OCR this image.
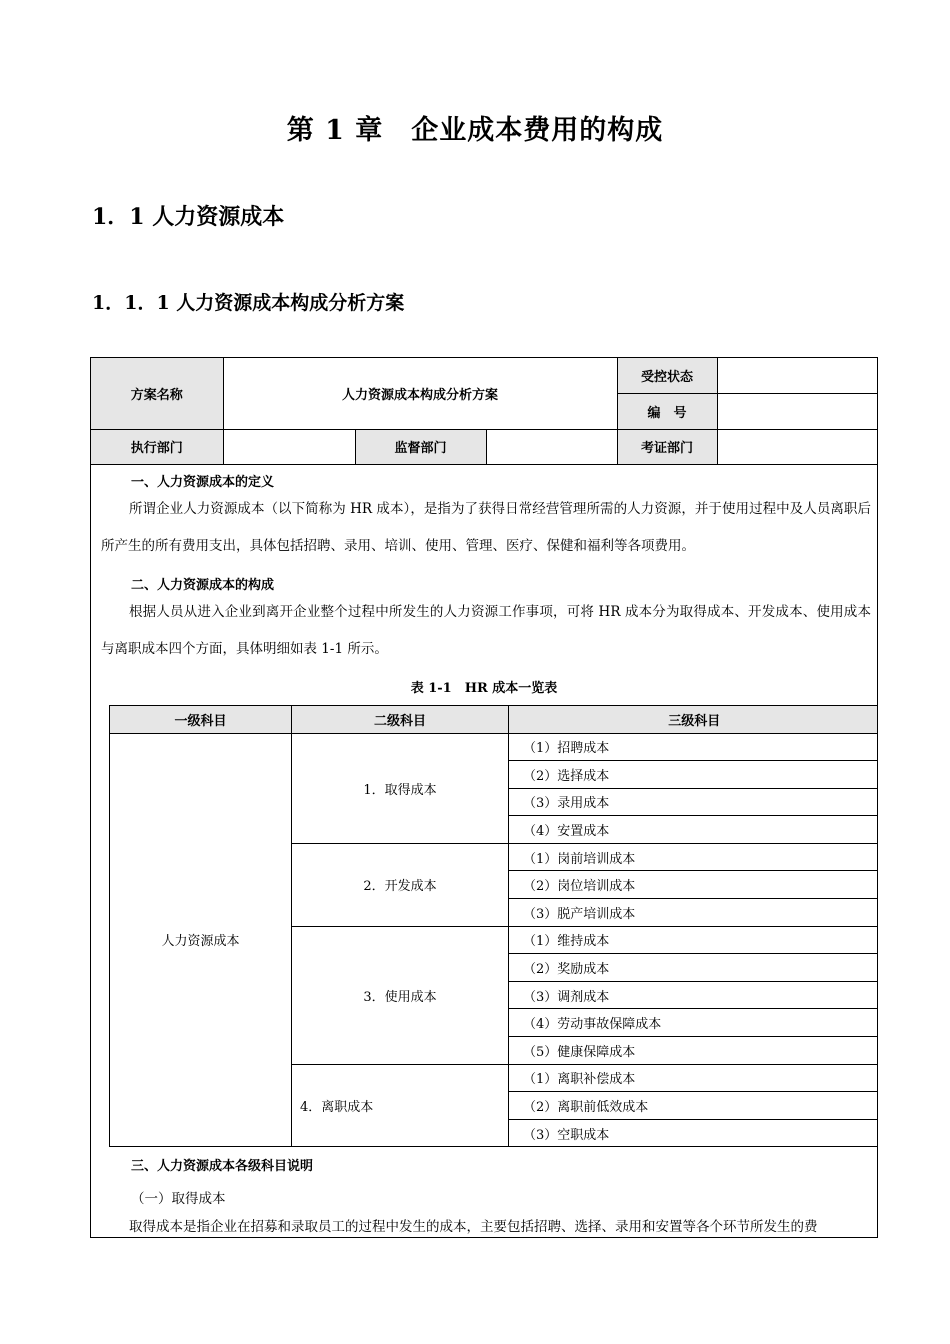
第 1 章　企业成本费用的构成
1．1 人力资源成本
1．1．1 人力资源成本构成分析方案
方案名称	人力资源成本构成分析方案			受控状态	
				编　号	
执行部门		监督部门		考证部门	
一、人力资源成本的定义
所谓企业人力资源成本（以下简称为 HR 成本），是指为了获得日常经营管理所需的人力资源，并于使用过程中及人员离职后所产生的所有费用支出，具体包括招聘、录用、培训、使用、管理、医疗、保健和福利等各项费用。
二、人力资源成本的构成
根据人员从进入企业到离开企业整个过程中所发生的人力资源工作事项，可将 HR 成本分为取得成本、开发成本、使用成本与离职成本四个方面，具体明细如表 1-1 所示。
表 1-1　HR 成本一览表
一级科目	二级科目	三级科目
人力资源成本	1．取得成本	（1）招聘成本
		（2）选择成本
		（3）录用成本
		（4）安置成本
	2．开发成本	（1）岗前培训成本
		（2）岗位培训成本
		（3）脱产培训成本
	3．使用成本	（1）维持成本
		（2）奖励成本
		（3）调剂成本
		（4）劳动事故保障成本
		（5）健康保障成本
	4．离职成本	（1）离职补偿成本
		（2）离职前低效成本
		（3）空职成本
三、人力资源成本各级科目说明
（一）取得成本
取得成本是指企业在招募和录取员工的过程中发生的成本，主要包括招聘、选择、录用和安置等各个环节所发生的费
